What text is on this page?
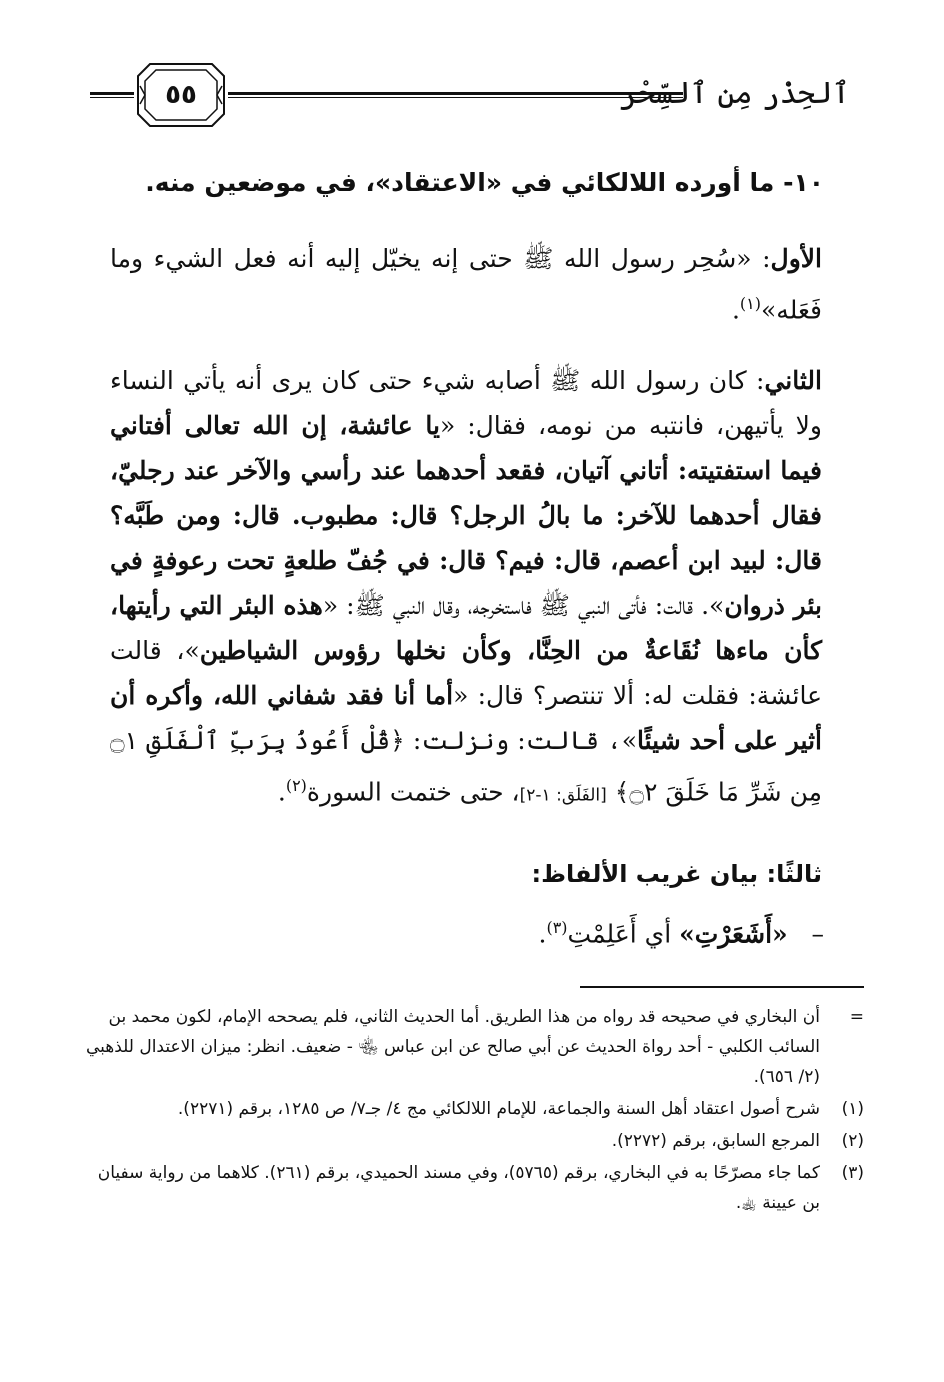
ٱلحِذْر مِن ٱلسِّحْر
٥٥
١٠- ما أورده اللالكائي في «الاعتقاد»، في موضعين منه.
الأول: «سُحِر رسول الله ﷺ حتى إنه يخيّل إليه أنه فعل الشيء وما فَعَله»$^{(١)}$.
الثاني: كان رسول الله ﷺ أصابه شيء حتى كان يرى أنه يأتي النساء ولا يأتيهن، فانتبه من نومه، فقال: «يا عائشة، إن الله تعالى أفتاني فيما استفتيته: أتاني آتيان، فقعد أحدهما عند رأسي والآخر عند رجليّ، فقال أحدهما للآخر: ما بالُ الرجل؟ قال: مطبوب. قال: ومن طَبَّه؟ قال: لبيد ابن أعصم، قال: فيم؟ قال: في جُفّ طلعةٍ تحت رعوفةٍ في بئر ذروان». قالت: فأتى النبي ﷺ فاستخرجه، وقال النبي ﷺ: «هذه البئر التي رأيتها، كأن ماءها نُقَاعةٌ من الحِنَّا، وكأن نخلها رؤوس الشياطين»، قالت عائشة: فقلت له: ألا تنتصر؟ قال: «أما أنا فقد شفاني الله، وأكره أن أثير على أحد شيئًا»، قالت: ونزلت: ﴿قُلْ أَعُوذُ بِرَبِّ ٱلْفَلَقِ ۝١ مِن شَرِّ مَا خَلَقَ ۝٢﴾ [الفَلَق: ١-٢]، حتى ختمت السورة$^{(٢)}$.
ثالثًا: بيان غريب الألفاظ:
–   «أَشَعَرْتِ» أي أَعَلِمْتِ$^{(٣)}$.
=
أن البخاري في صحيحه قد رواه من هذا الطريق. أما الحديث الثاني، فلم يصححه الإمام، لكون محمد بن السائب الكلبي - أحد رواة الحديث عن أبي صالح عن ابن عباس ﵄ - ضعيف. انظر: ميزان الاعتدال للذهبي (٢/ ٦٥٦).
(١)
شرح أصول اعتقاد أهل السنة والجماعة، للإمام اللالكائي مج ٤/ جـ٧/ ص ١٢٨٥، برقم (٢٢٧١).
(٢)
المرجع السابق، برقم (٢٢٧٢).
(٣)
كما جاء مصرّحًا به في البخاري، برقم (٥٧٦٥)، وفي مسند الحميدي، برقم (٢٦١). كلاهما من رواية سفيان بن عيينة ﵀.
